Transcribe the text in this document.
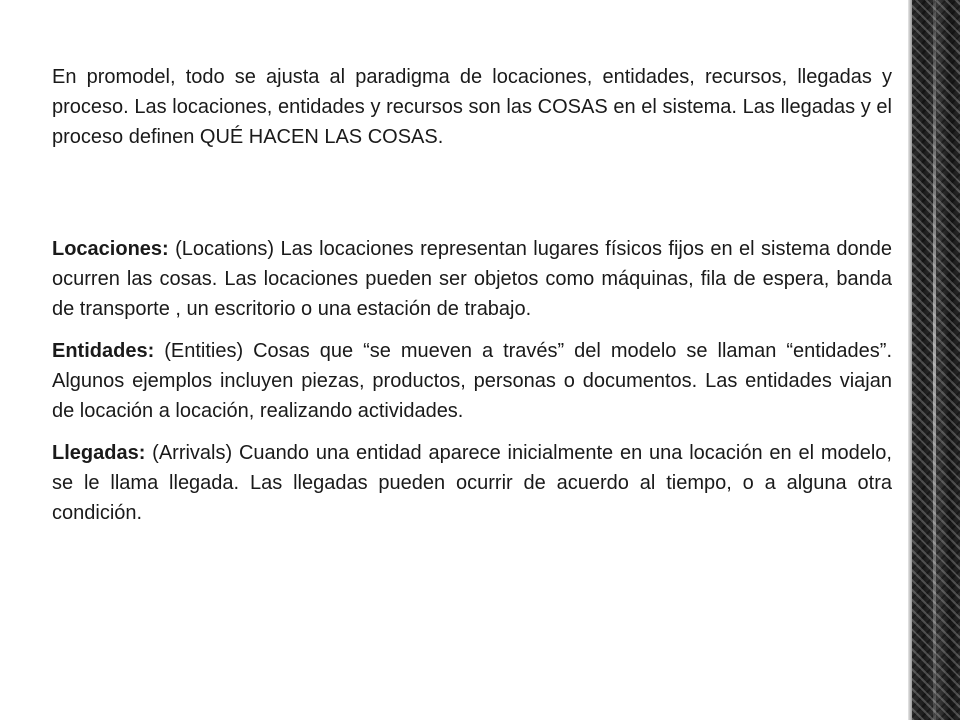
En promodel, todo se ajusta al paradigma de locaciones, entidades, recursos, llegadas y proceso. Las locaciones, entidades y recursos son las COSAS en el sistema. Las llegadas y el proceso definen QUÉ HACEN LAS COSAS.

Locaciones: (Locations) Las locaciones representan lugares físicos fijos en el sistema donde ocurren las cosas. Las locaciones pueden ser objetos como máquinas, fila de espera, banda de transporte , un escritorio o una estación de trabajo.

Entidades: (Entities) Cosas que “se mueven a través” del modelo se llaman “entidades”. Algunos ejemplos incluyen piezas, productos, personas o documentos. Las entidades viajan de locación a locación, realizando actividades.

Llegadas: (Arrivals) Cuando una entidad aparece inicialmente en una locación en el modelo, se le llama llegada. Las llegadas pueden ocurrir de acuerdo al tiempo, o a alguna otra condición.
